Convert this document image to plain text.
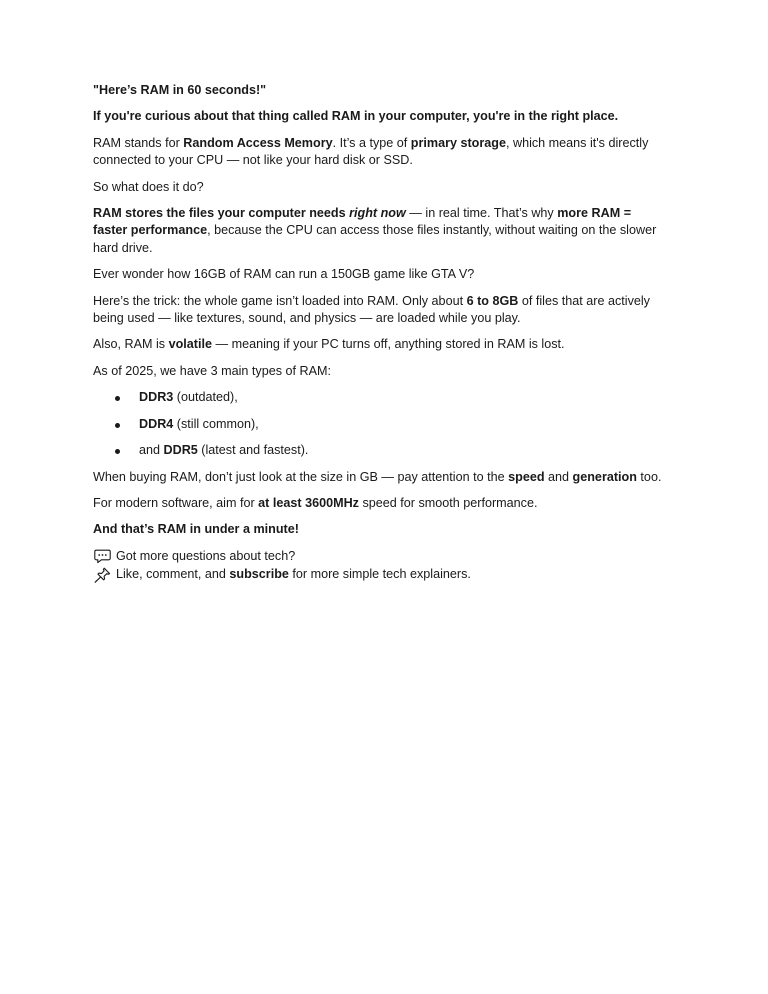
"Here’s RAM in 60 seconds!"

If you're curious about that thing called RAM in your computer, you're in the right place.

RAM stands for Random Access Memory. It’s a type of primary storage, which means it's directly connected to your CPU — not like your hard disk or SSD.

So what does it do?

RAM stores the files your computer needs right now — in real time. That’s why more RAM = faster performance, because the CPU can access those files instantly, without waiting on the slower hard drive.

Ever wonder how 16GB of RAM can run a 150GB game like GTA V?

Here’s the trick: the whole game isn’t loaded into RAM. Only about 6 to 8GB of files that are actively being used — like textures, sound, and physics — are loaded while you play.

Also, RAM is volatile — meaning if your PC turns off, anything stored in RAM is lost.

As of 2025, we have 3 main types of RAM:

DDR3 (outdated),
DDR4 (still common),
and DDR5 (latest and fastest).

When buying RAM, don’t just look at the size in GB — pay attention to the speed and generation too.

For modern software, aim for at least 3600MHz speed for smooth performance.

And that’s RAM in under a minute!

Got more questions about tech?
Like, comment, and subscribe for more simple tech explainers.
